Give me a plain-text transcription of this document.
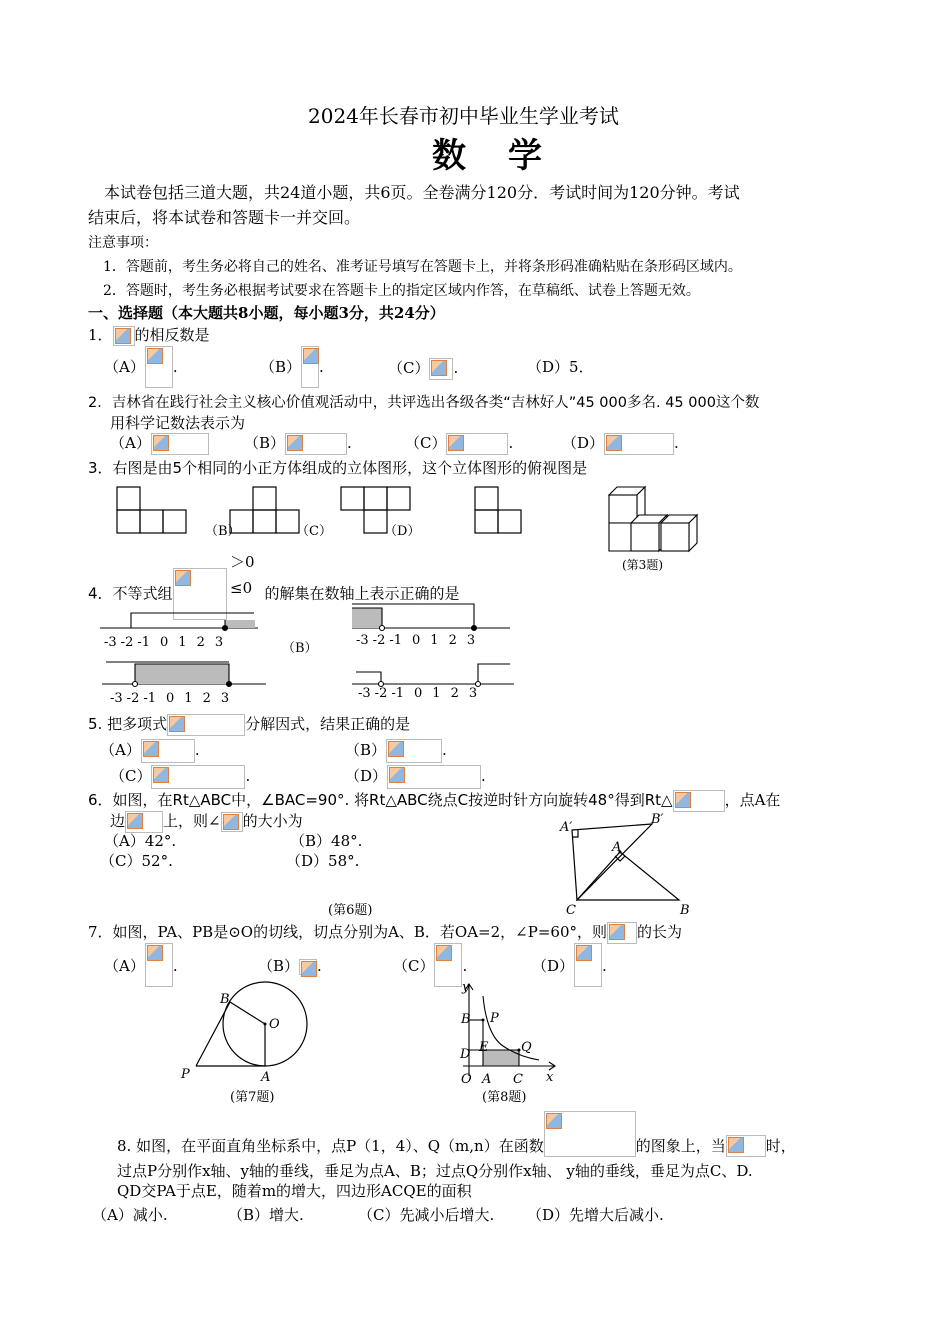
2024年长春市初中毕业生学业考试
数　学
本试卷包括三道大题，共24道小题，共6页。全卷满分120分．考试时间为120分钟。考试
结束后，将本试卷和答题卡一并交回。
注意事项：
1．答题前，考生务必将自己的姓名、准考证号填写在答题卡上，并将条形码准确粘贴在条形码区域内。
2．答题时，考生务必根据考试要求在答题卡上的指定区域内作答，在草稿纸、试卷上答题无效。
一、选择题（本大题共8小题，每小题3分，共24分）
1． 的相反数是
（A） .	（B） .	（C） .	（D）5．
2．吉林省在践行社会主义核心价值观活动中，共评选出各级各类“吉林好人”45 000多名. 45 000这个数
用科学记数法表示为
（A）	（B）	.	（C）	.	（D）	.
3．右图是由5个相同的小正方体组成的立体图形，这个立体图形的俯视图是
（B）	（C）	（D）
(第3题)
4．不等式组	的解集在数轴上表示正确的是
＞0
≤0
-3 -2 -1 0 1 2 3	-3 -2 -1 0 1 2 3
（B）
-3 -2 -1 0 1 2 3	-3 -2 -1 0 1 2 3
5. 把多项式	分解因式，结果正确的是
（A）	.	（B）	.
（C）	.	（D）	.
6．如图，在Rt△ABC中，∠BAC=90°. 将Rt△ABC绕点C按逆时针方向旋转48°得到Rt△	，点A在
边	上，则∠ 的大小为
（A）42°.	（B）48°.
（C）52°.	（D）58°.
A′
B′
A
C	B
(第6题)
7．如图，PA、PB是⊙O的切线，切点分别为A、B．若OA=2，∠P=60°，则 的长为
（A） .	（B） .	（C） .	（D） .
B
O
P	A
(第7题)
y
B P
E	Q
D
O A C x
(第8题)
8. 如图，在平面直角坐标系中，点P（1，4）、Q（m,n）在函数	的图象上，当	时，
过点P分别作x轴、y轴的垂线，垂足为点A、B；过点Q分别作x轴、 y轴的垂线，垂足为点C、D.
QD交PA于点E，随着m的增大，四边形ACQE的面积
（A）减小.	（B）增大.	（C）先减小后增大. （D）先增大后减小.
